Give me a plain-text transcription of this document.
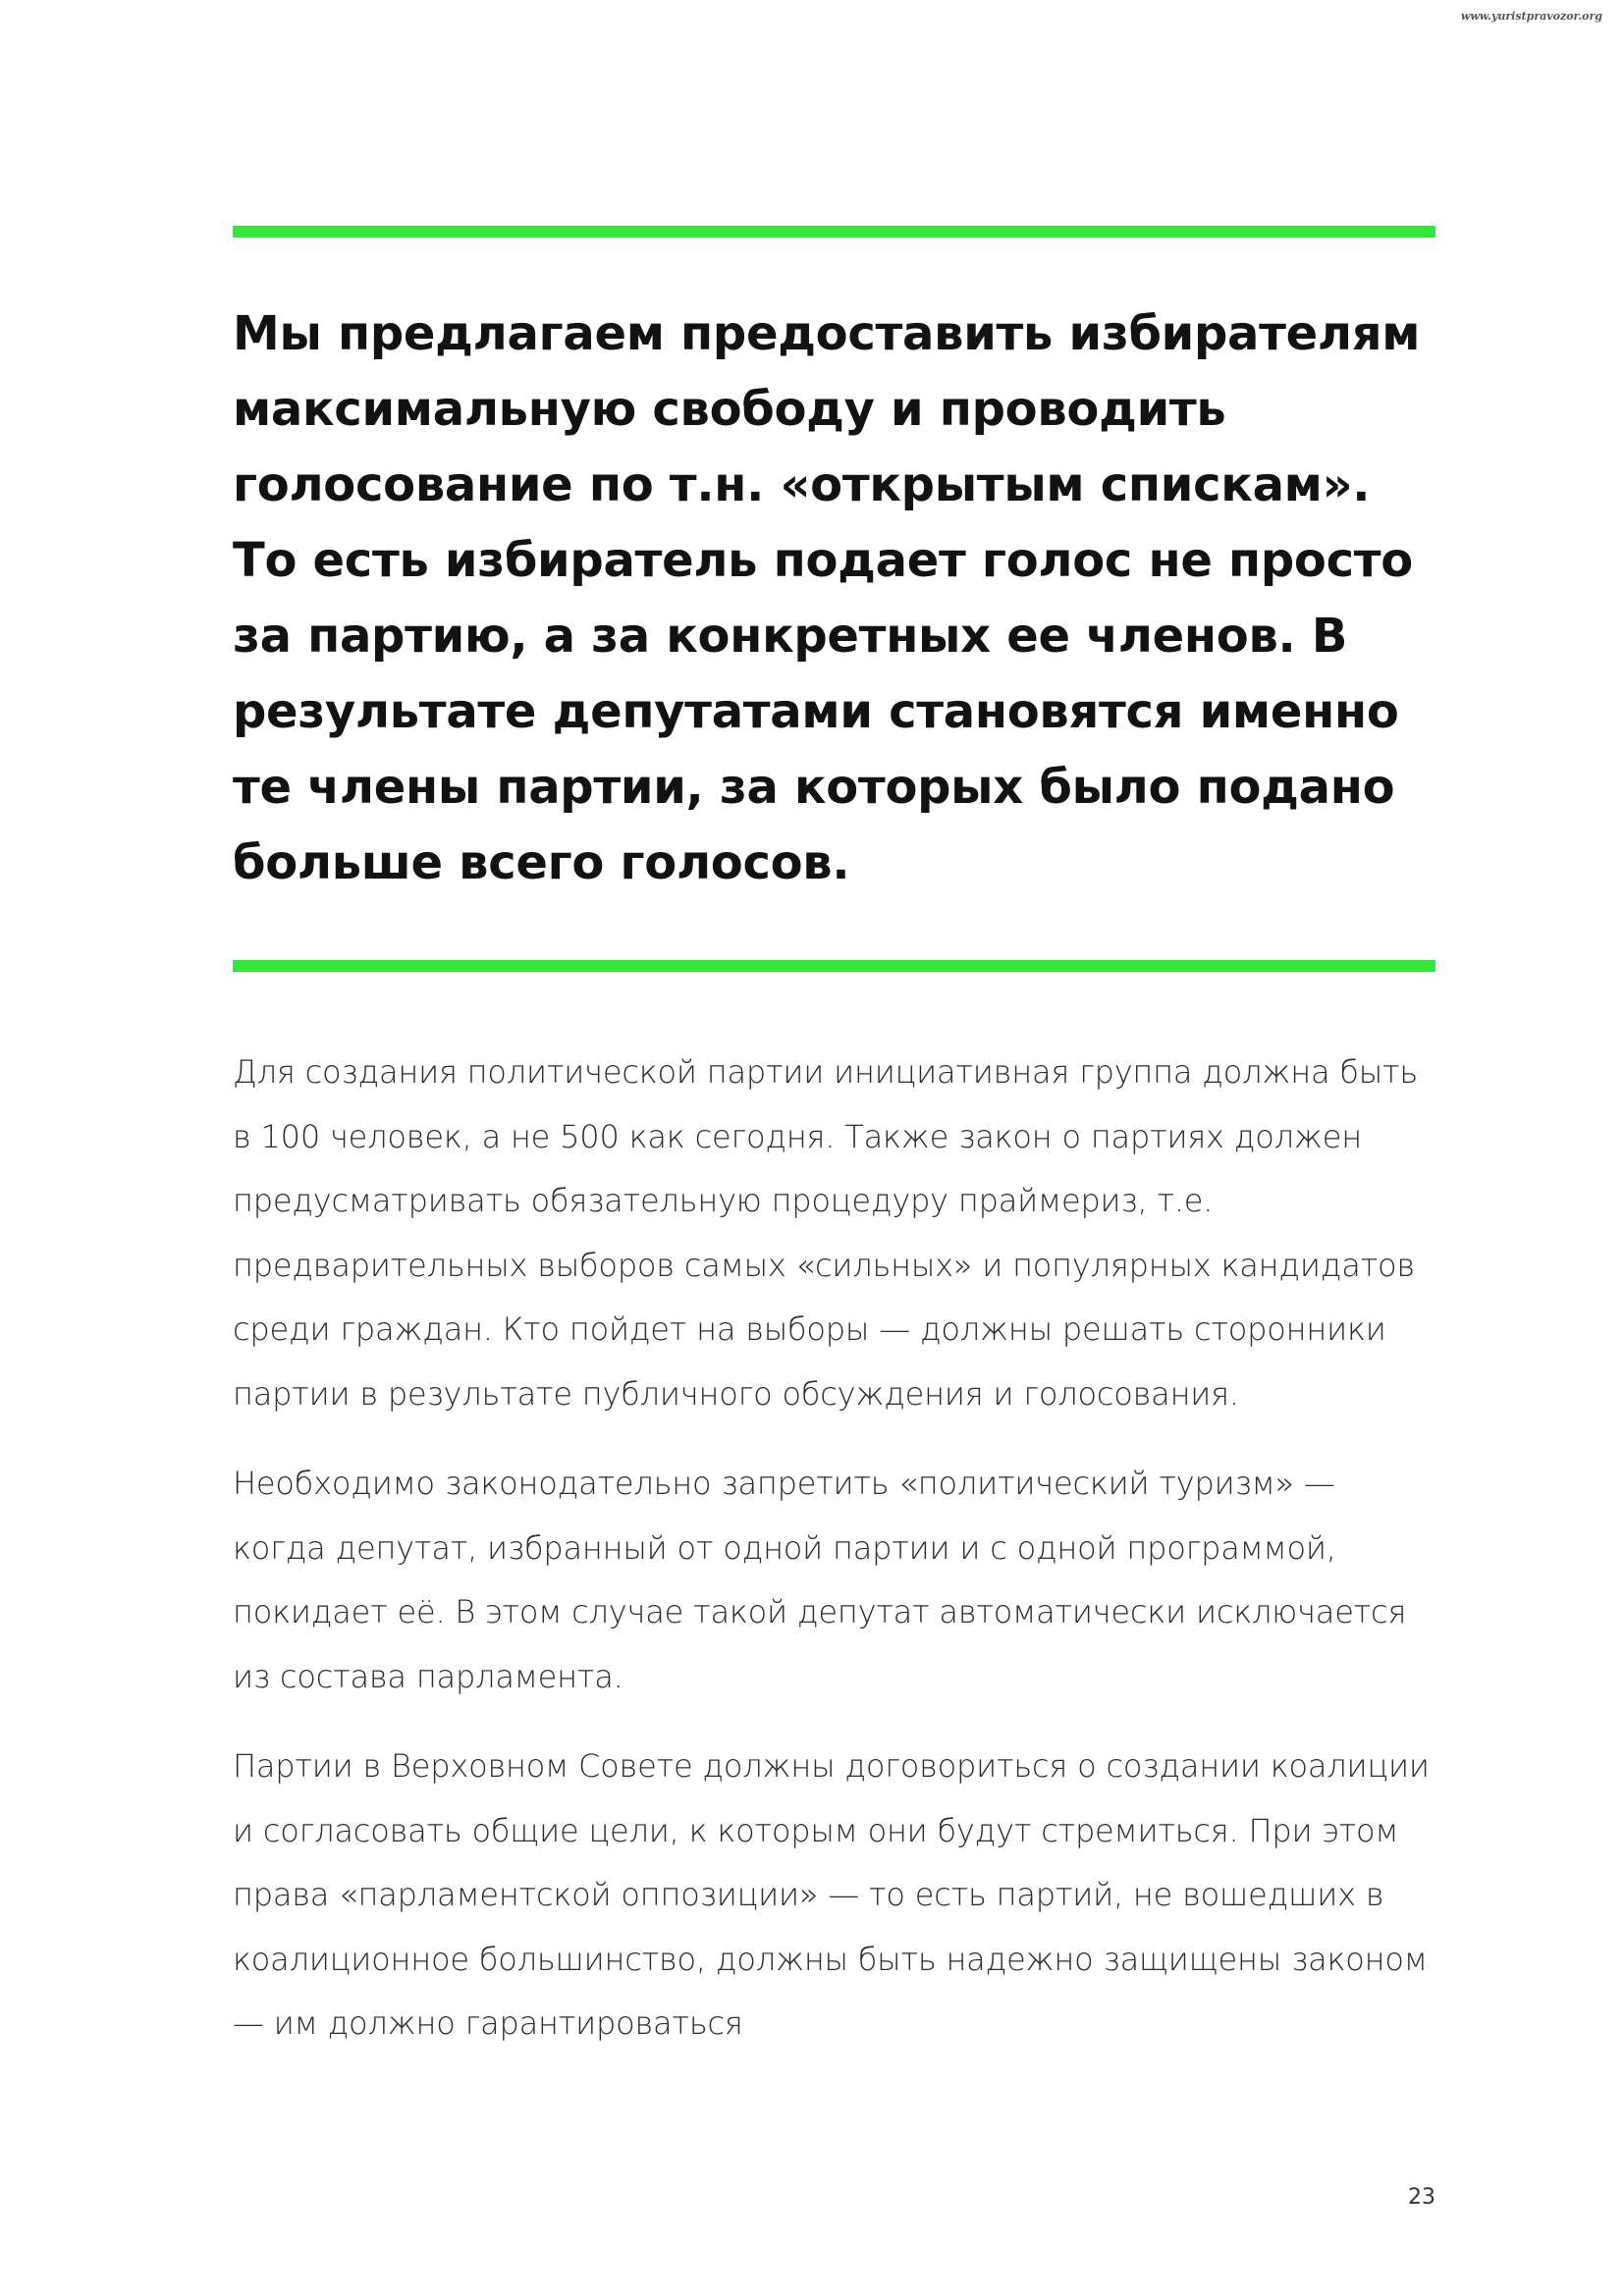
www.yuristpravozor.org
Мы предлагаем предоставить избирателям максимальную свободу и проводить голосование по т.н. «открытым спискам». То есть избиратель подает голос не просто за партию, а за конкретных ее членов. В результате депутатами становятся именно те члены партии, за которых было подано больше всего голосов.

Для создания политической партии инициативная группа должна быть в 100 человек, а не 500 как сегодня. Также закон о партиях должен предусматривать обязательную процедуру праймериз, т.е. предварительных выборов самых «сильных» и популярных кандидатов среди граждан. Кто пойдет на выборы — должны решать сторонники партии в результате публичного обсуждения и голосования.

Необходимо законодательно запретить «политический туризм» — когда депутат, избранный от одной партии и с одной программой, покидает её. В этом случае такой депутат автоматически исключается из состава парламента.

Партии в Верховном Совете должны договориться о создании коалиции и согласовать общие цели, к которым они будут стремиться. При этом права «парламентской оппозиции» — то есть партий, не вошедших в коалиционное большинство, должны быть надежно защищены законом — им должно гарантироваться

23
